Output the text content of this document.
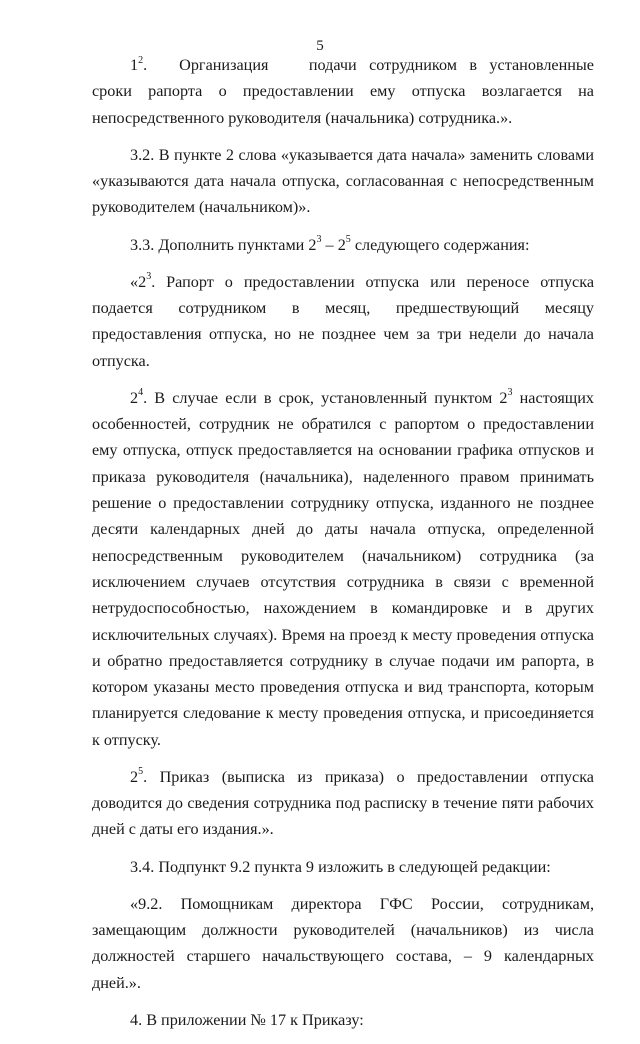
5

$1^2$. Организация подачи сотрудником в установленные сроки рапорта о предоставлении ему отпуска возлагается на непосредственного руководителя (начальника) сотрудника.».

3.2. В пункте 2 слова «указывается дата начала» заменить словами «указываются дата начала отпуска, согласованная с непосредственным руководителем (начальником)».

3.3. Дополнить пунктами $2^3 - 2^5$ следующего содержания:

«$2^3$. Рапорт о предоставлении отпуска или переносе отпуска подается сотрудником в месяц, предшествующий месяцу предоставления отпуска, но не позднее чем за три недели до начала отпуска.

$2^4$. В случае если в срок, установленный пунктом $2^3$ настоящих особенностей, сотрудник не обратился с рапортом о предоставлении ему отпуска, отпуск предоставляется на основании графика отпусков и приказа руководителя (начальника), наделенного правом принимать решение о предоставлении сотруднику отпуска, изданного не позднее десяти календарных дней до даты начала отпуска, определенной непосредственным руководителем (начальником) сотрудника (за исключением случаев отсутствия сотрудника в связи с временной нетрудоспособностью, нахождением в командировке и в других исключительных случаях). Время на проезд к месту проведения отпуска и обратно предоставляется сотруднику в случае подачи им рапорта, в котором указаны место проведения отпуска и вид транспорта, которым планируется следование к месту проведения отпуска, и присоединяется к отпуску.

$2^5$. Приказ (выписка из приказа) о предоставлении отпуска доводится до сведения сотрудника под расписку в течение пяти рабочих дней с даты его издания.».

3.4. Подпункт 9.2 пункта 9 изложить в следующей редакции:

«9.2. Помощникам директора ГФС России, сотрудникам, замещающим должности руководителей (начальников) из числа должностей старшего начальствующего состава, – 9 календарных дней.».

4. В приложении № 17 к Приказу:
